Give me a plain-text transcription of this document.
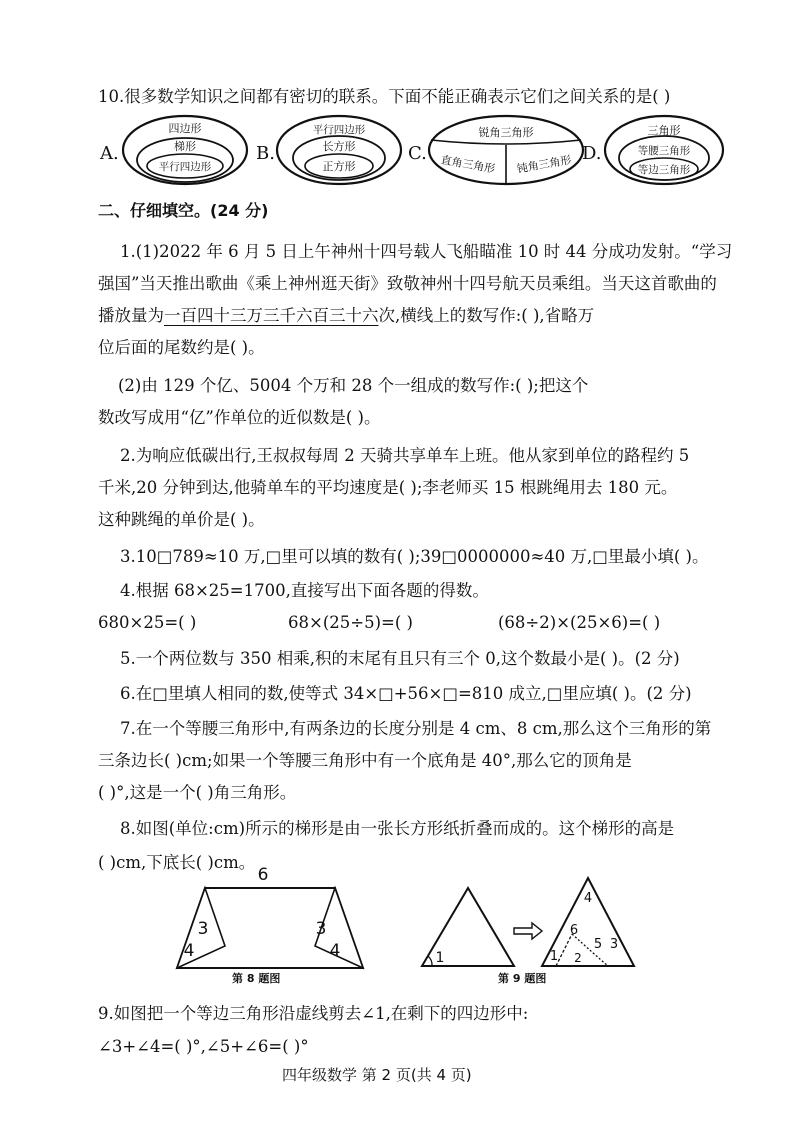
10.很多数学知识之间都有密切的联系。下面不能正确表示它们之间关系的是( )
A.
四边形
梯形
平行四边形
B.
平行四边形
长方形
正方形
C.
锐角三角形
直角三角形 钝角三角形 D.
三角形
等腰三角形
等边三角形
二、仔细填空。(24 分)
1.(1)2022 年 6 月 5 日上午神州十四号载人飞船瞄准 10 时 44 分成功发射。“学习
强国”当天推出歌曲《乘上神州逛天街》致敬神州十四号航天员乘组。当天这首歌曲的
播放量为一百四十三万三千六百三十六次,横线上的数写作:( ),省略万
位后面的尾数约是( )。
(2)由 129 个亿、5004 个万和 28 个一组成的数写作:( );把这个
数改写成用“亿”作单位的近似数是( )。
2.为响应低碳出行,王叔叔每周 2 天骑共享单车上班。他从家到单位的路程约 5
千米,20 分钟到达,他骑单车的平均速度是( );李老师买 15 根跳绳用去 180 元。
这种跳绳的单价是( )。
3.10□789≈10 万,□里可以填的数有( );39□0000000≈40 万,□里最小填( )。
4.根据 68×25=1700,直接写出下面各题的得数。
680×25=( )	68×(25÷5)=( )	(68÷2)×(25×6)=( )
5.一个两位数与 350 相乘,积的末尾有且只有三个 0,这个数最小是( )。(2 分)
6.在□里填人相同的数,使等式 34×□+56×□=810 成立,□里应填( )。(2 分)
7.在一个等腰三角形中,有两条边的长度分别是 4 cm、8 cm,那么这个三角形的第
三条边长( )cm;如果一个等腰三角形中有一个底角是 40°,那么它的顶角是
( )°,这是一个( )角三角形。
8.如图(单位:cm)所示的梯形是由一张长方形纸折叠而成的。这个梯形的高是
( )cm,下底长( )cm。
6
3
4
3
4
第 8 题图
1
4
6
1 2
5 3
第 9 题图
9.如图把一个等边三角形沿虚线剪去∠1,在剩下的四边形中:
∠3+∠4=( )°,∠5+∠6=( )°
四年级数学 第 2 页(共 4 页)
